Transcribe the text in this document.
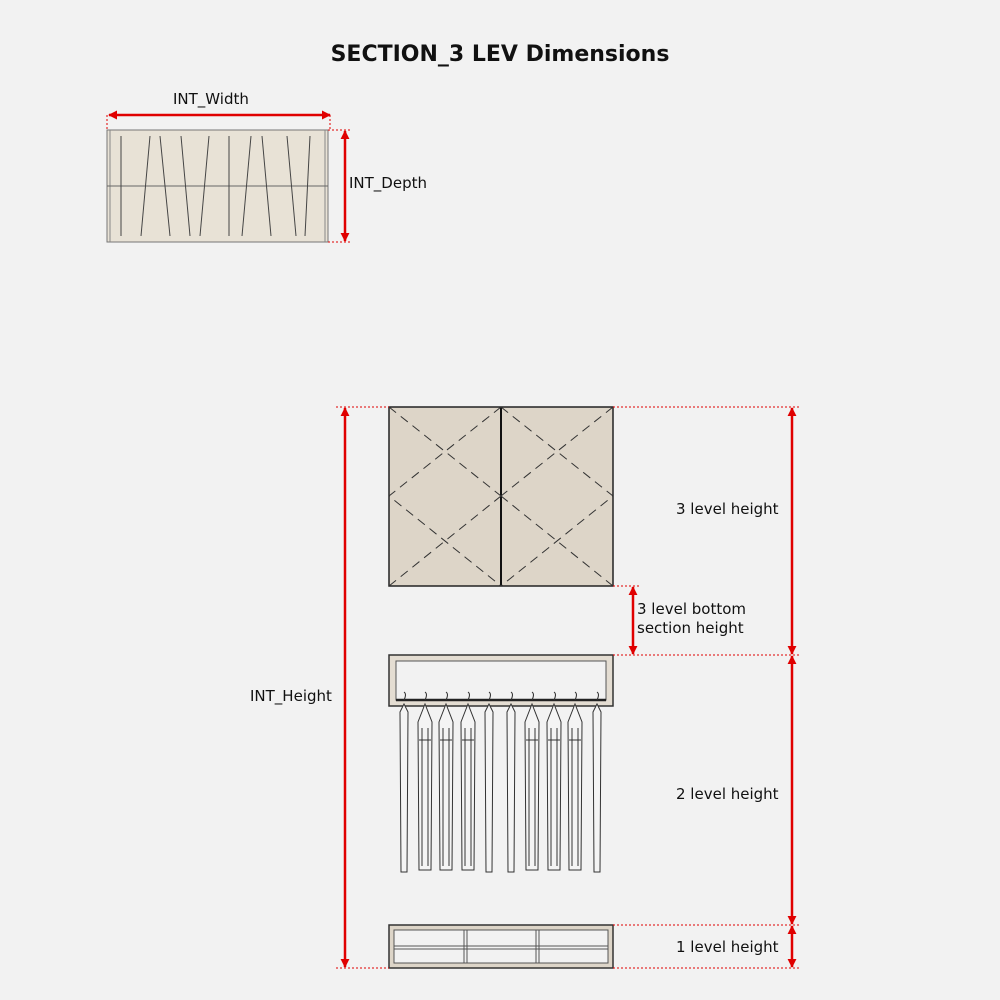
SECTION_3 LEV Dimensions
INT_Width
INT_Depth
INT_Height
3 level height
3 level bottom
section height
2 level height
1 level height
